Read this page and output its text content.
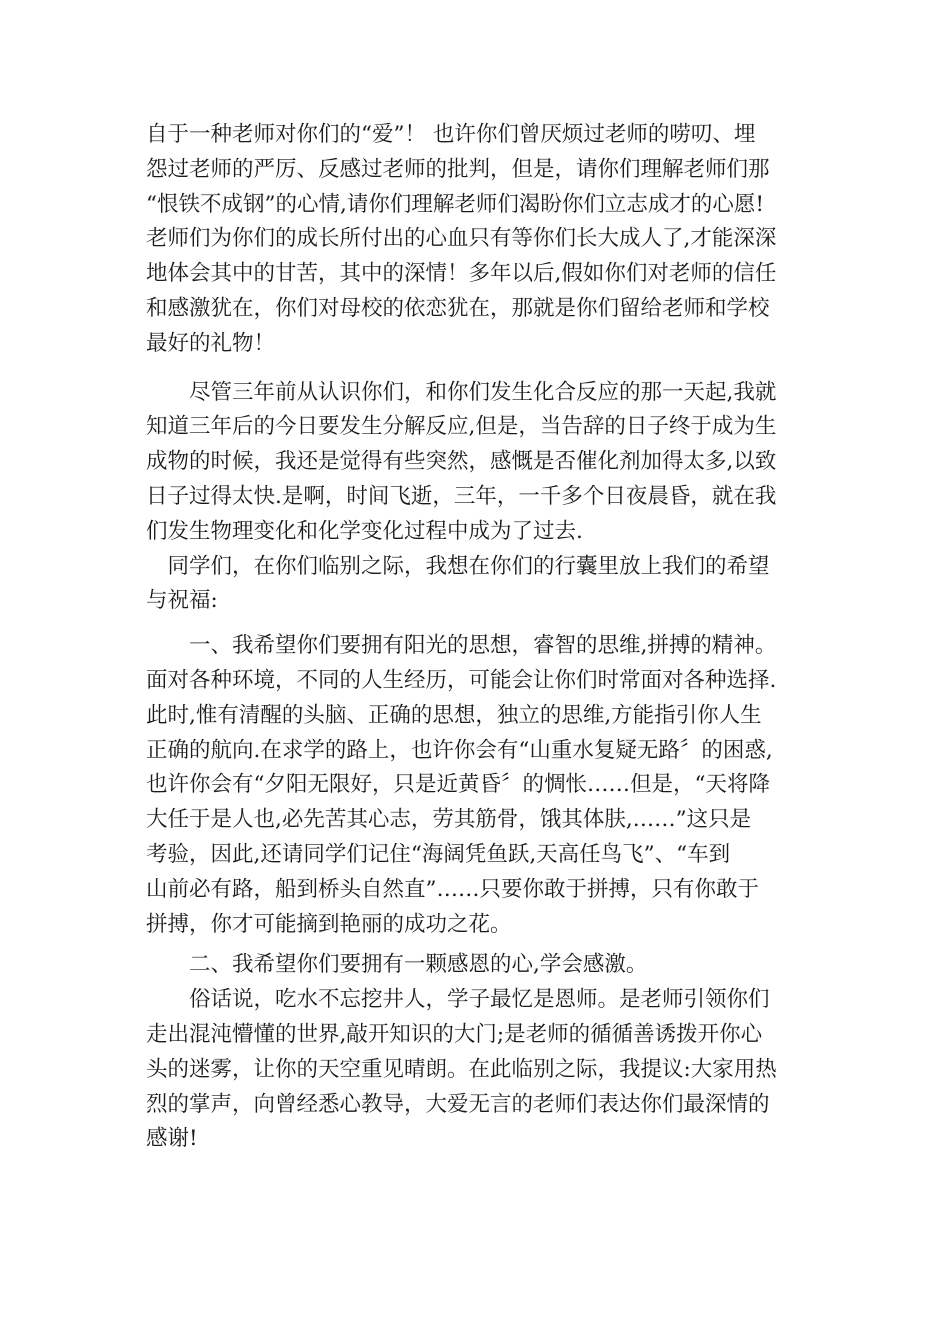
自于一种老师对你们的“爱”！ 也许你们曾厌烦过老师的唠叨、埋
怨过老师的严厉、反感过老师的批判，但是，请你们理解老师们那
“恨铁不成钢”的心情,请你们理解老师们渴盼你们立志成才的心愿!
老师们为你们的成长所付出的心血只有等你们长大成人了,才能深深
地体会其中的甘苦，其中的深情！多年以后,假如你们对老师的信任
和感激犹在，你们对母校的依恋犹在，那就是你们留给老师和学校
最好的礼物！
　　尽管三年前从认识你们，和你们发生化合反应的那一天起,我就
知道三年后的今日要发生分解反应,但是，当告辞的日子终于成为生
成物的时候，我还是觉得有些突然，感慨是否催化剂加得太多,以致
日子过得太快.是啊，时间飞逝，三年，一千多个日夜晨昏，就在我
们发生物理变化和化学变化过程中成为了过去.
　同学们，在你们临别之际，我想在你们的行囊里放上我们的希望
与祝福:
　　一、我希望你们要拥有阳光的思想，睿智的思维,拼搏的精神。
面对各种环境，不同的人生经历，可能会让你们时常面对各种选择.
此时,惟有清醒的头脑、正确的思想，独立的思维,方能指引你人生
正确的航向.在求学的路上，也许你会有“山重水复疑无路〞的困惑,
也许你会有“夕阳无限好，只是近黄昏〞的惆怅……但是，“天将降
大任于是人也,必先苦其心志，劳其筋骨，饿其体肤,……”这只是
考验，因此,还请同学们记住“海阔凭鱼跃,天高任鸟飞”、“车到
山前必有路，船到桥头自然直”……只要你敢于拼搏，只有你敢于
拼搏，你才可能摘到艳丽的成功之花。
　　二、我希望你们要拥有一颗感恩的心,学会感激。
　　俗话说，吃水不忘挖井人，学子最忆是恩师。是老师引领你们
走出混沌懵懂的世界,敲开知识的大门;是老师的循循善诱拨开你心
头的迷雾，让你的天空重见晴朗。在此临别之际，我提议:大家用热
烈的掌声，向曾经悉心教导，大爱无言的老师们表达你们最深情的
感谢!
